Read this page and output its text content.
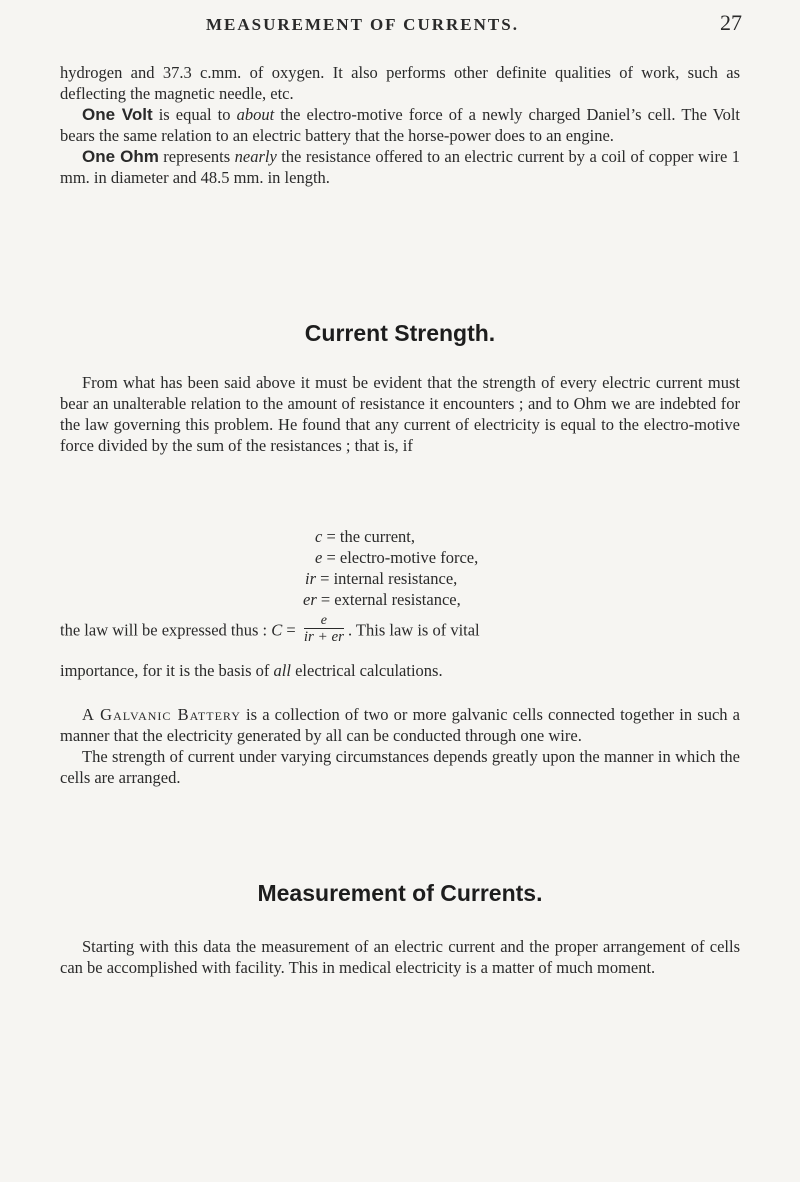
MEASUREMENT OF CURRENTS.	27

hydrogen and 37.3 c.mm. of oxygen. It also performs other definite qualities of work, such as deflecting the magnetic needle, etc.

One Volt is equal to about the electro-motive force of a newly charged Daniel’s cell. The Volt bears the same relation to an electric battery that the horse-power does to an engine.

One Ohm represents nearly the resistance offered to an electric current by a coil of copper wire 1 mm. in diameter and 48.5 mm. in length.

Current Strength.

From what has been said above it must be evident that the strength of every electric current must bear an unalterable relation to the amount of resistance it encounters ; and to Ohm we are indebted for the law governing this problem. He found that any current of electricity is equal to the electro-motive force divided by the sum of the resistances ; that is, if

c = the current,
e = electro-motive force,
ir = internal resistance,
er = external resistance,
the law will be expressed thus : $C = \frac{e}{ir + er}$ . This law is of vital

importance, for it is the basis of all electrical calculations.

A Galvanic Battery is a collection of two or more galvanic cells connected together in such a manner that the electricity generated by all can be conducted through one wire.

The strength of current under varying circumstances depends greatly upon the manner in which the cells are arranged.

Measurement of Currents.

Starting with this data the measurement of an electric current and the proper arrangement of cells can be accomplished with facility. This in medical electricity is a matter of much moment.
